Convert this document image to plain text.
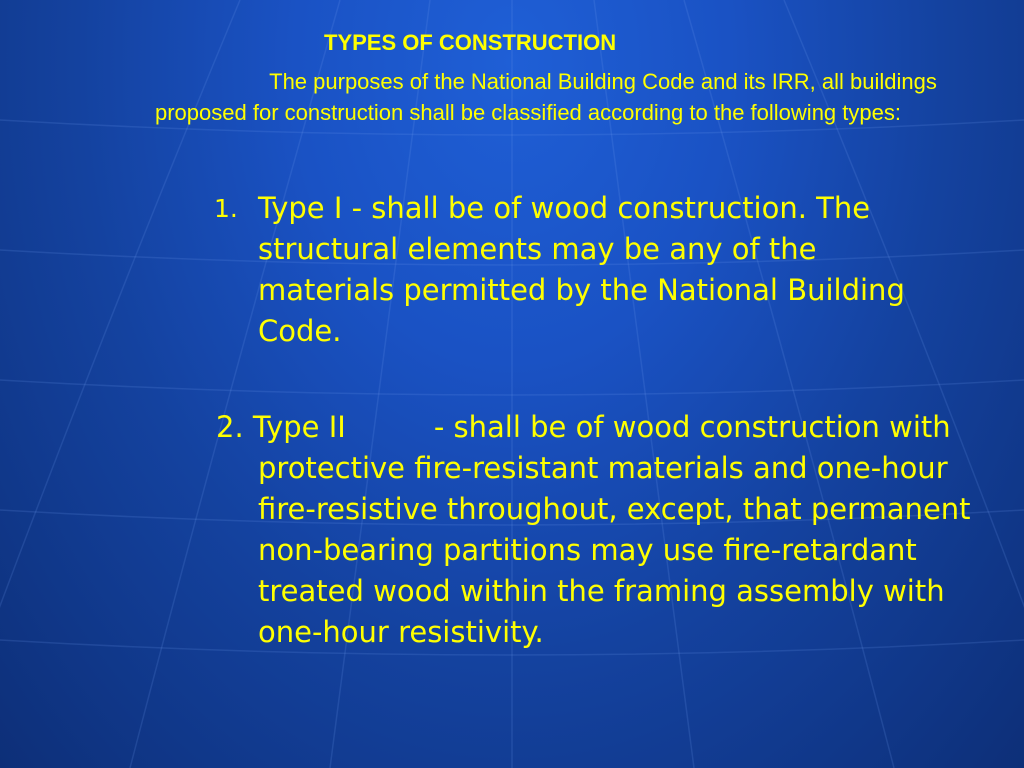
TYPES OF CONSTRUCTION

The purposes of the National Building Code and its IRR, all buildings proposed for construction shall be classified according to the following types:

1. Type I - shall be of wood construction. The structural elements may be any of the materials permitted by the National Building Code.

2. Type II	- shall be of wood construction with protective fire-resistant materials and one-hour fire-resistive throughout, except, that permanent non-bearing partitions may use fire-retardant treated wood within the framing assembly with one-hour resistivity.
